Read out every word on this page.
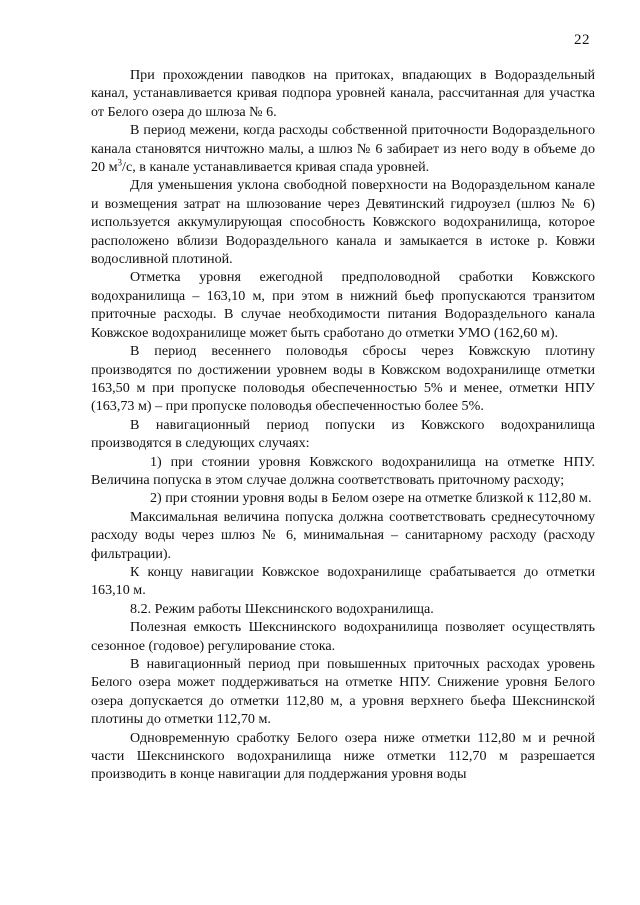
22

При прохождении паводков на притоках, впадающих в Водораздельный канал, устанавливается кривая подпора уровней канала, рассчитанная для участка от Белого озера до шлюза № 6.

В период межени, когда расходы собственной приточности Водораздельного канала становятся ничтожно малы, а шлюз № 6 забирает из него воду в объеме до 20 $м^3/с$, в канале устанавливается кривая спада уровней.

Для уменьшения уклона свободной поверхности на Водораздельном канале и возмещения затрат на шлюзование через Девятинский гидроузел (шлюз № 6) используется аккумулирующая способность Ковжского водохранилища, которое расположено вблизи Водораздельного канала и замыкается в истоке р. Ковжи водосливной плотиной.

Отметка уровня ежегодной предполоводной сработки Ковжского водохранилища – 163,10 м, при этом в нижний бьеф пропускаются транзитом приточные расходы. В случае необходимости питания Водораздельного канала Ковжское водохранилище может быть сработано до отметки УМО (162,60 м).

В период весеннего половодья сбросы через Ковжскую плотину производятся по достижении уровнем воды в Ковжском водохранилище отметки 163,50 м при пропуске половодья обеспеченностью 5% и менее, отметки НПУ (163,73 м) – при пропуске половодья обеспеченностью более 5%.

В навигационный период попуски из Ковжского водохранилища производятся в следующих случаях:

1) при стоянии уровня Ковжского водохранилища на отметке НПУ. Величина попуска в этом случае должна соответствовать приточному расходу;

2) при стоянии уровня воды в Белом озере на отметке близкой к 112,80 м.

Максимальная величина попуска должна соответствовать среднесуточному расходу воды через шлюз № 6, минимальная – санитарному расходу (расходу фильтрации).

К концу навигации Ковжское водохранилище срабатывается до отметки 163,10 м.

8.2. Режим работы Шекснинского водохранилища.

Полезная емкость Шекснинского водохранилища позволяет осуществлять сезонное (годовое) регулирование стока.

В навигационный период при повышенных приточных расходах уровень Белого озера может поддерживаться на отметке НПУ. Снижение уровня Белого озера допускается до отметки 112,80 м, а уровня верхнего бьефа Шекснинской плотины до отметки 112,70 м.

Одновременную сработку Белого озера ниже отметки 112,80 м и речной части Шекснинского водохранилища ниже отметки 112,70 м разрешается производить в конце навигации для поддержания уровня воды
